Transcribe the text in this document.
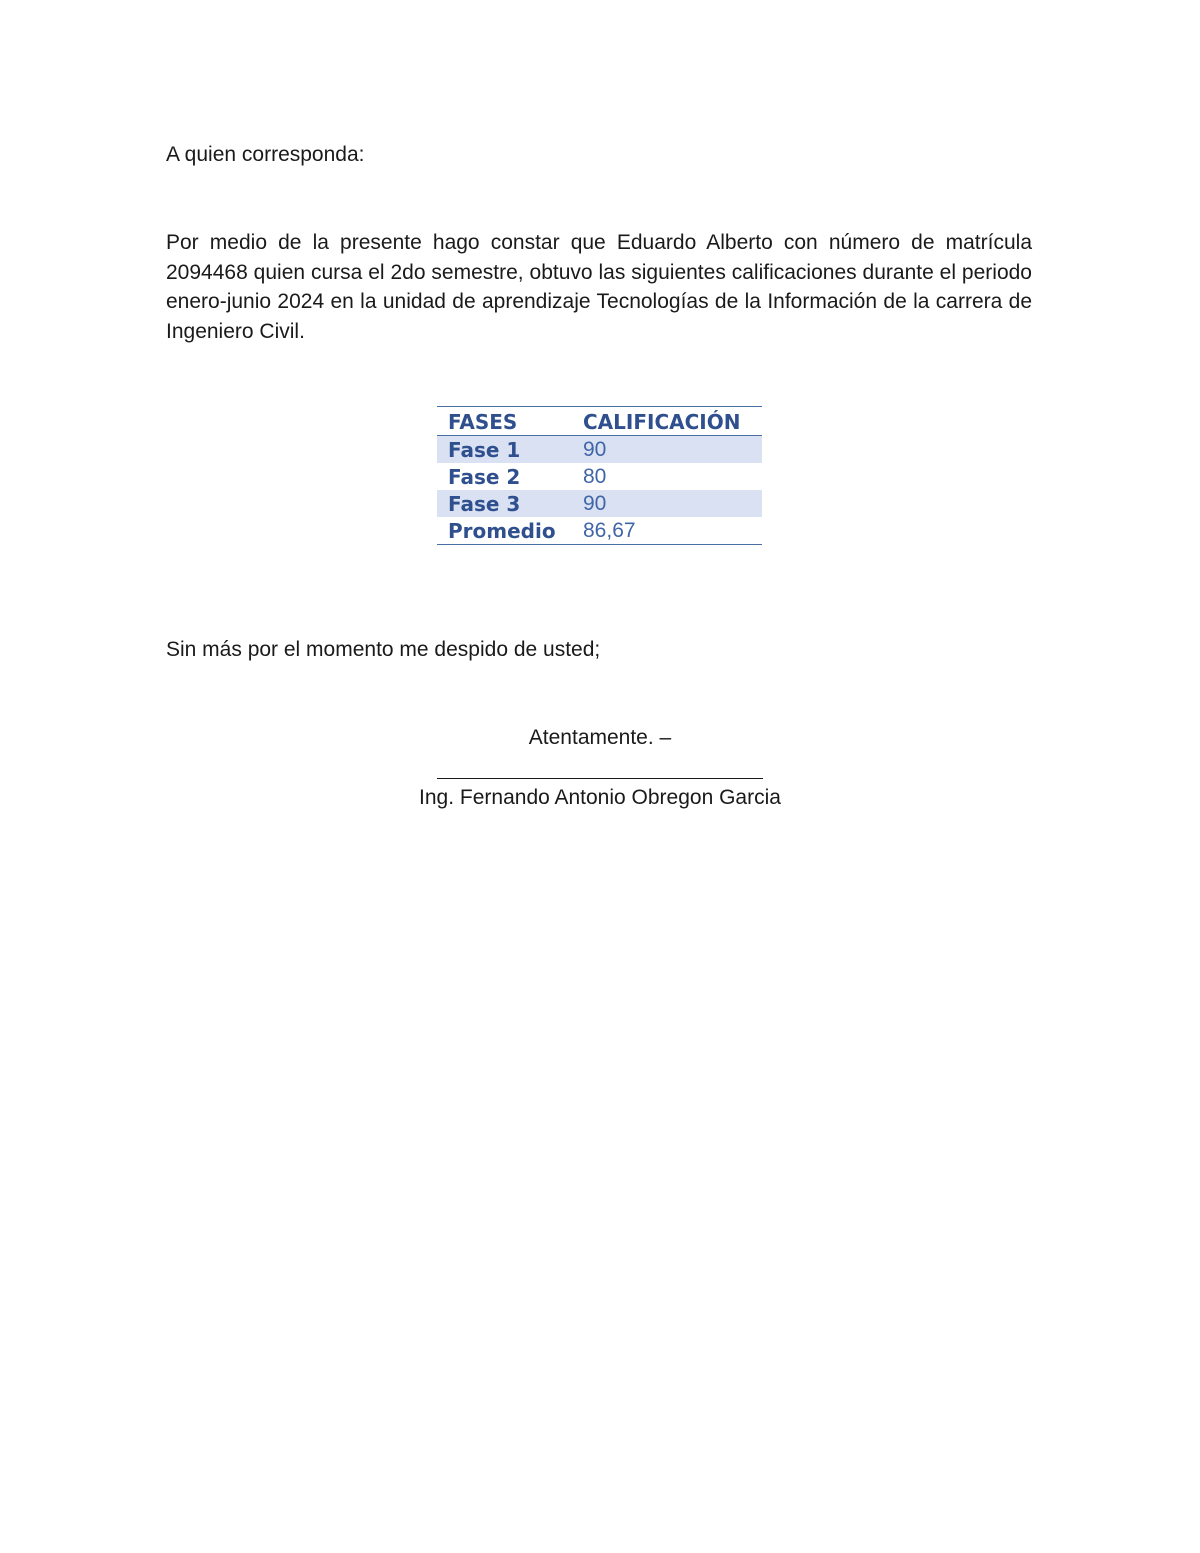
A quien corresponda:

Por medio de la presente hago constar que Eduardo Alberto con número de matrícula 2094468 quien cursa el 2do semestre, obtuvo las siguientes calificaciones durante el periodo enero-junio 2024 en la unidad de aprendizaje Tecnologías de la Información de la carrera de Ingeniero Civil.

FASES	CALIFICACIÓN
Fase 1	90
Fase 2	80
Fase 3	90
Promedio	86,67

Sin más por el momento me despido de usted;

Atentamente. –
Ing. Fernando Antonio Obregon Garcia
